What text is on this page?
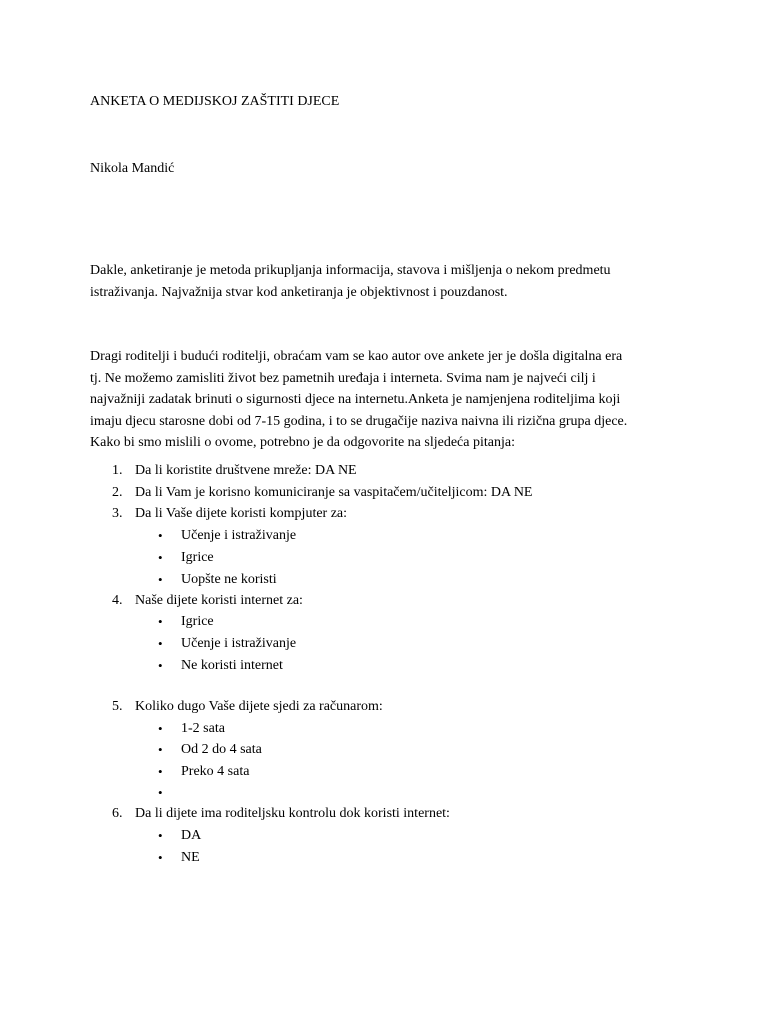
ANKETA O MEDIJSKOJ ZAŠTITI DJECE
Nikola Mandić
Dakle, anketiranje je metoda prikupljanja informacija, stavova i mišljenja o nekom predmetu
istraživanja. Najvažnija stvar kod anketiranja je objektivnost i pouzdanost.
Dragi roditelji i budući roditelji, obraćam vam se kao autor ove ankete jer je došla digitalna era
tj. Ne možemo zamisliti život bez pametnih uređaja i interneta. Svima nam je najveći cilj i
najvažniji zadatak brinuti o sigurnosti djece na internetu.Anketa je namjenjena roditeljima koji
imaju djecu starosne dobi od 7-15 godina, i to se drugačije naziva naivna ili rizična grupa djece.
Kako bi smo mislili o ovome, potrebno je da odgovorite na sljedeća pitanja:
1. Da li koristite društvene mreže: DA NE
2. Da li Vam je korisno komuniciranje sa vaspitačem/učiteljicom: DA NE
3. Da li Vaše dijete koristi kompjuter za:
• Učenje i istraživanje
• Igrice
• Uopšte ne koristi
4. Naše dijete koristi internet za:
• Igrice
• Učenje i istraživanje
• Ne koristi internet
5. Koliko dugo Vaše dijete sjedi za računarom:
• 1-2 sata
• Od 2 do 4 sata
• Preko 4 sata
•
6. Da li dijete ima roditeljsku kontrolu dok koristi internet:
• DA
• NE
